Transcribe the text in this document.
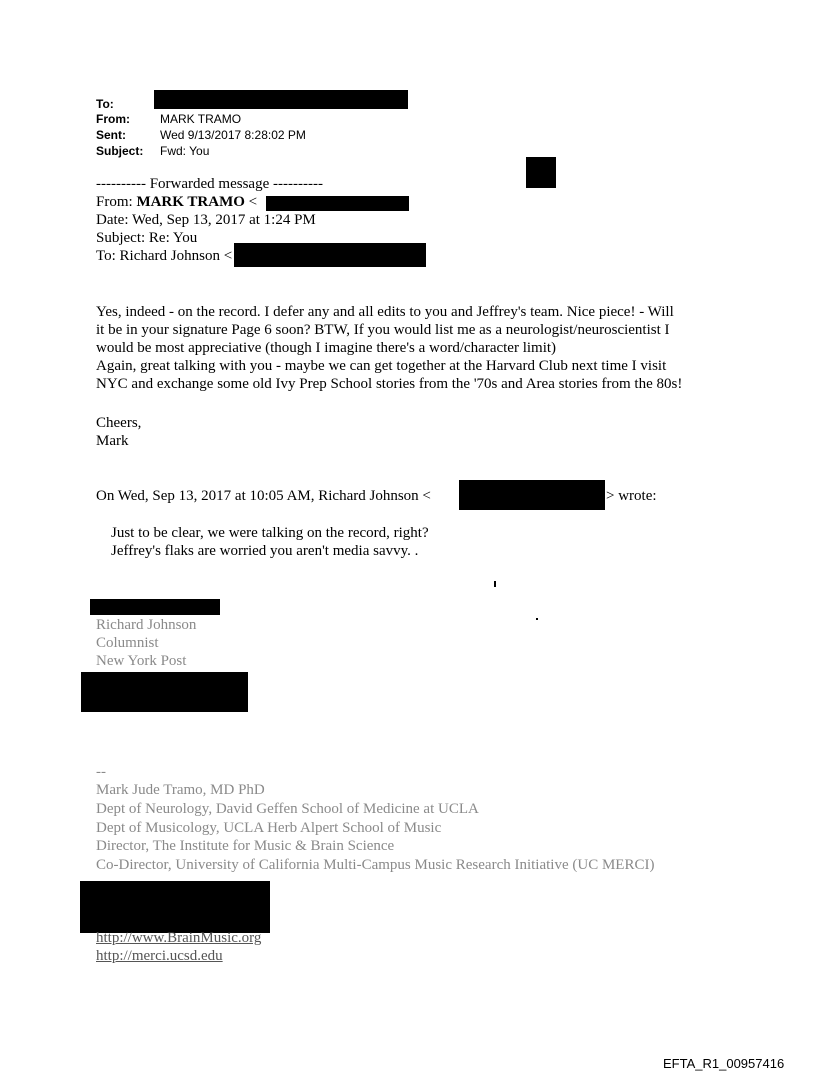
To:
From:	MARK TRAMO
Sent:	Wed 9/13/2017 8:28:02 PM
Subject: Fwd: You
---------- Forwarded message ----------
From: MARK TRAMO <
Date: Wed, Sep 13, 2017 at 1:24 PM
Subject: Re: You
To: Richard Johnson <
Yes, indeed - on the record. I defer any and all edits to you and Jeffrey's team. Nice piece! - Will
it be in your signature Page 6 soon? BTW, If you would list me as a neurologist/neuroscientist I
would be most appreciative (though I imagine there's a word/character limit)
Again, great talking with you - maybe we can get together at the Harvard Club next time I visit
NYC and exchange some old Ivy Prep School stories from the '70s and Area stories from the 80s!
Cheers,
Mark
On Wed, Sep 13, 2017 at 10:05 AM, Richard Johnson <	> wrote:
Just to be clear, we were talking on the record, right?
Jeffrey's flaks are worried you aren't media savvy. .
Richard Johnson
Columnist
New York Post
--
Mark Jude Tramo, MD PhD
Dept of Neurology, David Geffen School of Medicine at UCLA
Dept of Musicology, UCLA Herb Alpert School of Music
Director, The Institute for Music & Brain Science
Co-Director, University of California Multi-Campus Music Research Initiative (UC MERCI)
http://www.BrainMusic.org
http://merci.ucsd.edu
EFTA_R1_00957416
